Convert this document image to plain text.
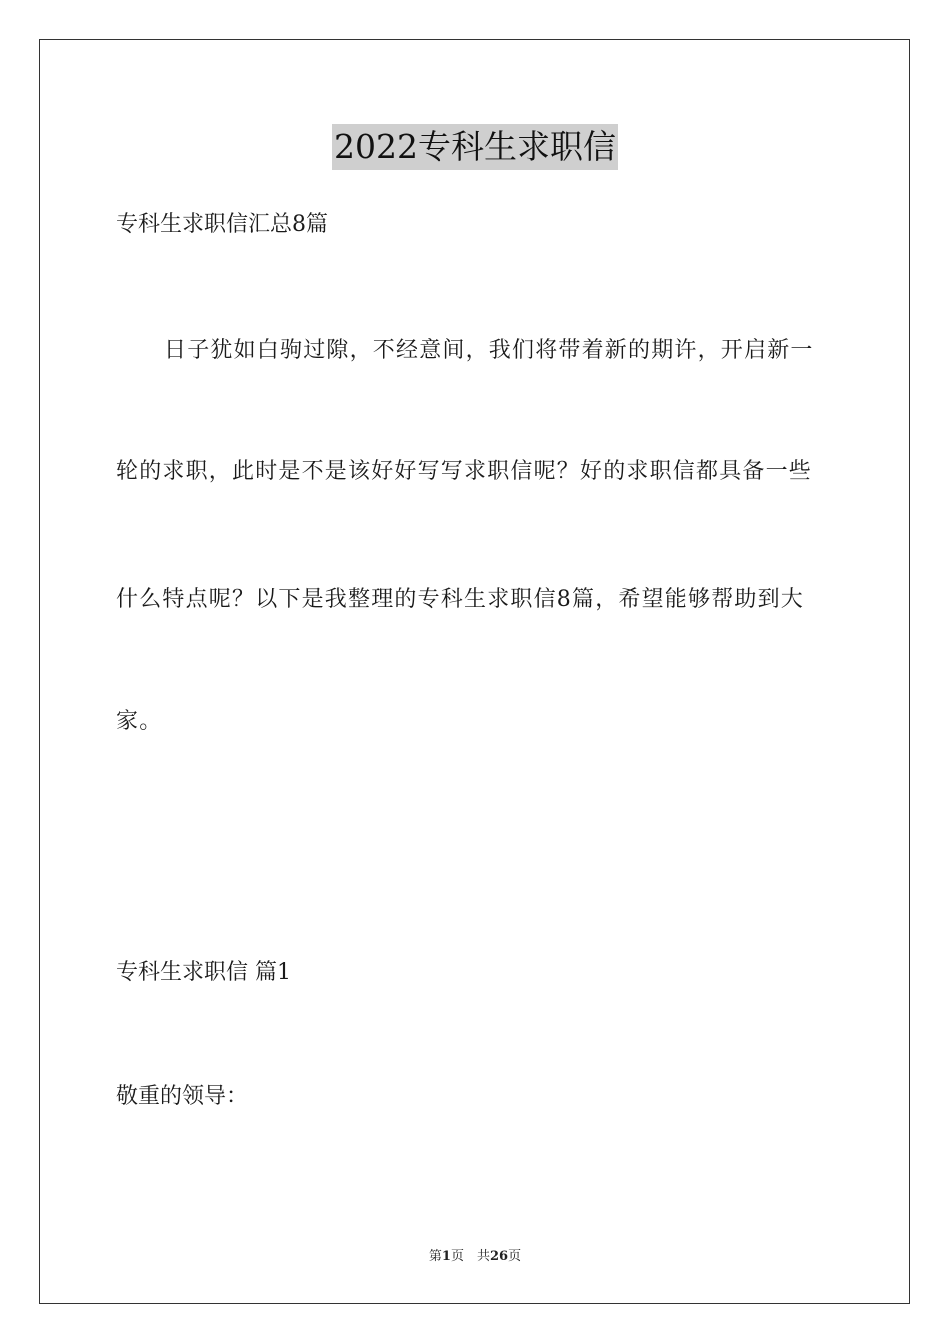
2022专科生求职信
专科生求职信汇总8篇
日子犹如白驹过隙，不经意间，我们将带着新的期许，开启新一
轮的求职，此时是不是该好好写写求职信呢？好的求职信都具备一些
什么特点呢？以下是我整理的专科生求职信8篇，希望能够帮助到大
家。
专科生求职信 篇1
敬重的领导：
第1页　共26页
